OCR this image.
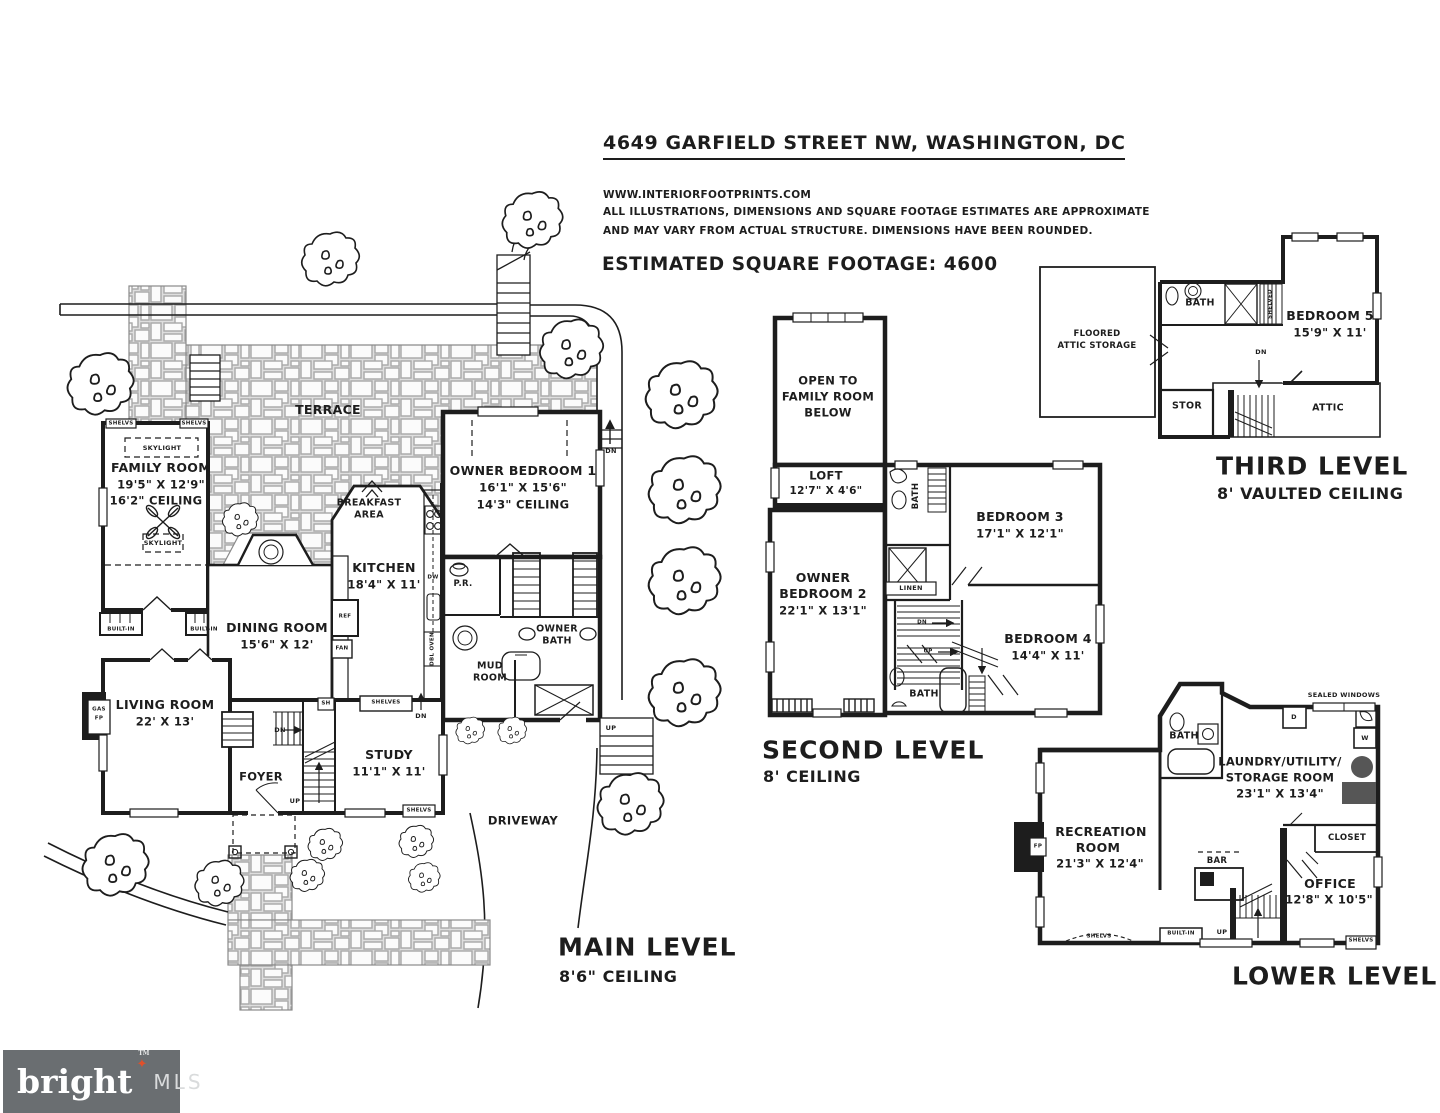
4649 GARFIELD STREET NW, WASHINGTON, DC
WWW.INTERIORFOOTPRINTS.COM
ALL ILLUSTRATIONS, DIMENSIONS AND SQUARE FOOTAGE ESTIMATES ARE APPROXIMATE
AND MAY VARY FROM ACTUAL STRUCTURE. DIMENSIONS HAVE BEEN ROUNDED.
ESTIMATED SQUARE FOOTAGE: 4600
FAMILY ROOM
19'5" X 12'9"
16'2" CEILING
SKYLIGHT
SKYLIGHT
SHELVS	SHELVS
BUILT-IN	BUILT-IN
TERRACE
BREAKFAST
AREA
KITCHEN
18'4" X 11'
REF
FAN
DW
DBL OVEN
DINING ROOM
15'6" X 12'
OWNER BEDROOM 1
16'1" X 15'6"
14'3" CEILING
P.R.
OWNER
BATH
MUD
ROOM
LIVING ROOM
22' X 13'
GAS
FP
FOYER
STUDY
11'1" X 11'
SHELVES
SH
DN
UP
DN
DN
UP
SHELVS
DRIVEWAY
MAIN LEVEL
8'6" CEILING
OPEN TO
FAMILY ROOM
BELOW
LOFT
12'7" X 4'6"	BATH
BEDROOM 3
17'1" X 12'1"
OWNER
BEDROOM 2
22'1" X 13'1"
LINEN
BEDROOM 4
14'4" X 11'
DN
UP
BATH
SECOND LEVEL
8' CEILING
FLOORED
ATTIC STORAGE
BATH	SHELVED BEDROOM 5
15'9" X 11'
DN
STOR	ATTIC
THIRD LEVEL
8' VAULTED CEILING
SEALED WINDOWS
BATH
D
W
LAUNDRY/UTILITY/
STORAGE ROOM
23'1" X 13'4"
RECREATION
ROOM
21'3" X 12'4"
FP
BAR
CLOSET
OFFICE
12'8" X 10'5"
BUILT-IN	UP
SHELVS
SHELVS
LOWER LEVEL
bright ✦
™
MLS
